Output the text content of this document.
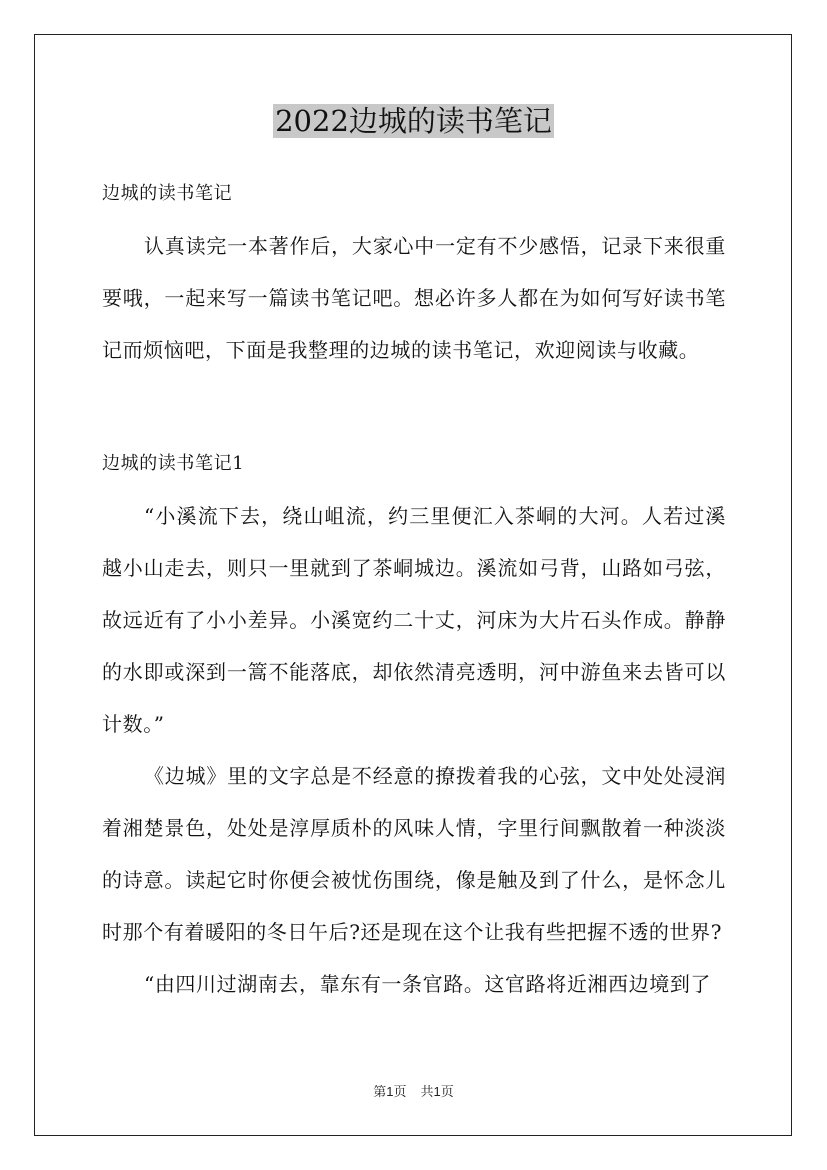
2022边城的读书笔记

边城的读书笔记

认真读完一本著作后，大家心中一定有不少感悟，记录下来很重要哦，一起来写一篇读书笔记吧。想必许多人都在为如何写好读书笔记而烦恼吧，下面是我整理的边城的读书笔记，欢迎阅读与收藏。

边城的读书笔记1

“小溪流下去，绕山岨流，约三里便汇入茶峒的大河。人若过溪越小山走去，则只一里就到了茶峒城边。溪流如弓背，山路如弓弦，故远近有了小小差异。小溪宽约二十丈，河床为大片石头作成。静静的水即或深到一篙不能落底，却依然清亮透明，河中游鱼来去皆可以计数。”

《边城》里的文字总是不经意的撩拨着我的心弦，文中处处浸润着湘楚景色，处处是淳厚质朴的风味人情，字里行间飘散着一种淡淡的诗意。读起它时你便会被忧伤围绕，像是触及到了什么，是怀念儿时那个有着暖阳的冬日午后?还是现在这个让我有些把握不透的世界?

“由四川过湖南去，靠东有一条官路。这官路将近湘西边境到了

第1页 共1页
